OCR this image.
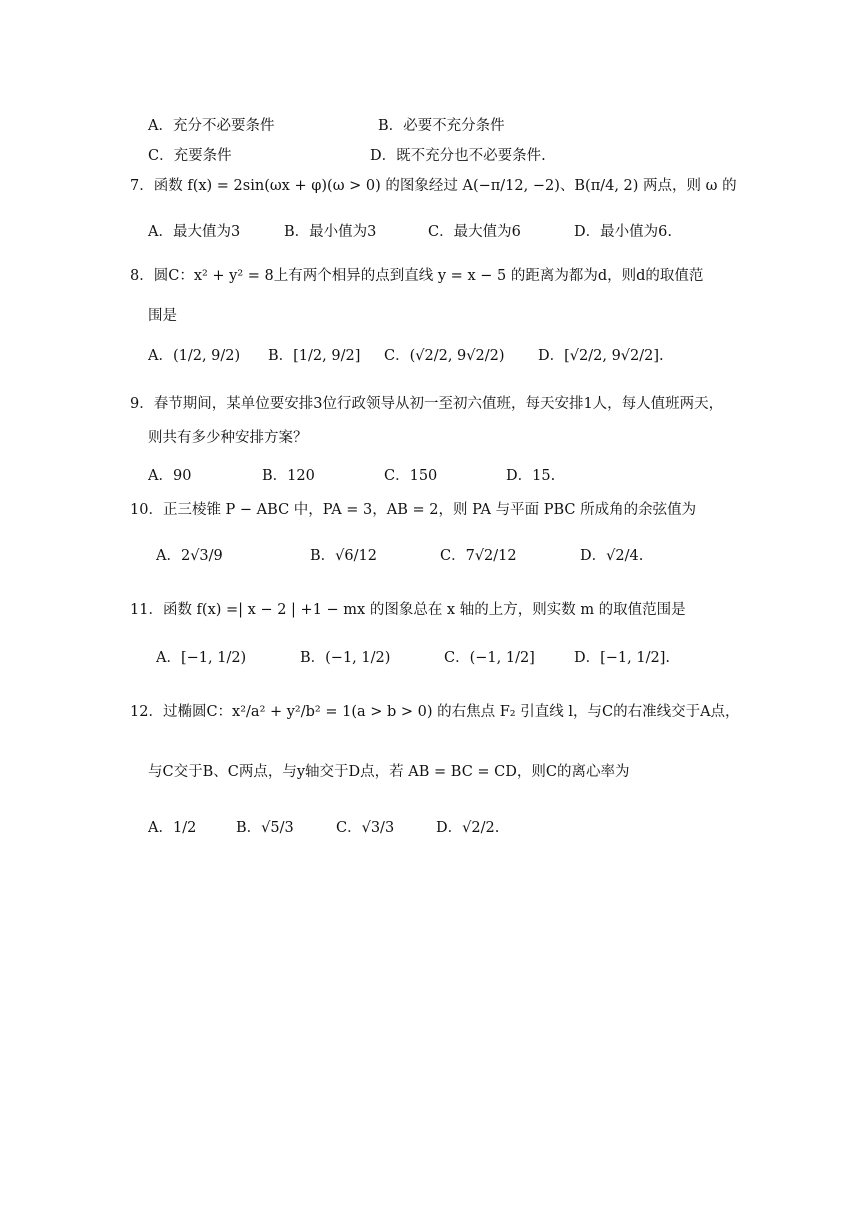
A．充分不必要条件	B．必要不充分条件
C．充要条件	D．既不充分也不必要条件.
7．函数 f(x) = 2sin(ωx + φ)(ω > 0) 的图象经过 A(−π/12, −2)、B(π/4, 2) 两点，则 ω 的
A．最大值为3	B．最小值为3	C．最大值为6	D．最小值为6.
8．圆C：x² + y² = 8上有两个相异的点到直线 y = x − 5 的距离为都为d，则d的取值范
围是
A．(1/2, 9/2) B．[1/2, 9/2] C．(√2/2, 9√2/2) D．[√2/2, 9√2/2].
9．春节期间，某单位要安排3位行政领导从初一至初六值班，每天安排1人，每人值班两天，
则共有多少种安排方案？
A．90	B．120	C．150	D．15.
10．正三棱锥 P − ABC 中，PA = 3，AB = 2，则 PA 与平面 PBC 所成角的余弦值为
A．2√3/9	B．√6/12	C．7√2/12	D．√2/4.
11．函数 f(x) =| x − 2 | +1 − mx 的图象总在 x 轴的上方，则实数 m 的取值范围是
A．[−1, 1/2)	B．(−1, 1/2)	C．(−1, 1/2]	D．[−1, 1/2].
12．过椭圆C：x²/a² + y²/b² = 1(a > b > 0) 的右焦点 F₂ 引直线 l，与C的右准线交于A点，
与C交于B、C两点，与y轴交于D点，若 AB = BC = CD，则C的离心率为
A．1/2	B．√5/3	C．√3/3	D．√2/2.
